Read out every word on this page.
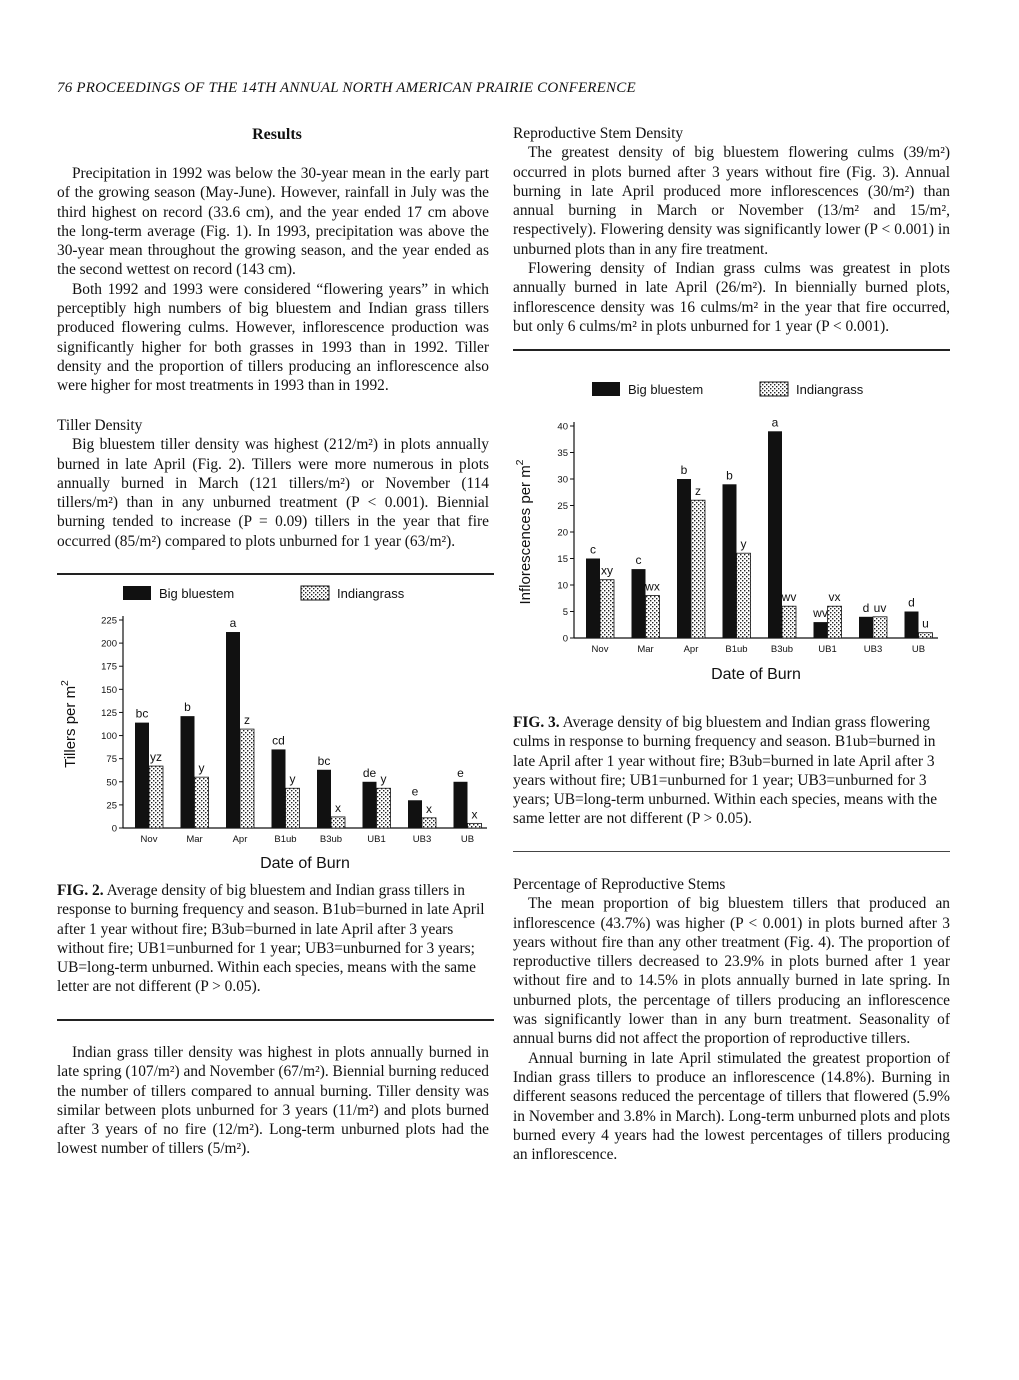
76 PROCEEDINGS OF THE 14TH ANNUAL NORTH AMERICAN PRAIRIE CONFERENCE
Results

Precipitation in 1992 was below the 30-year mean in the early part of the growing season (May-June). However, rainfall in July was the third highest on record (33.6 cm), and the year ended 17 cm above the long-term average (Fig. 1). In 1993, precipitation was above the 30-year mean throughout the growing season, and the year ended as the second wettest on record (143 cm).

Both 1992 and 1993 were considered “flowering years” in which perceptibly high numbers of big bluestem and Indian grass tillers produced flowering culms. However, inflorescence production was significantly higher for both grasses in 1993 than in 1992. Tiller density and the proportion of tillers producing an inflorescence also were higher for most treatments in 1993 than in 1992.

Tiller Density

Big bluestem tiller density was highest (212/m²) in plots annually burned in late April (Fig. 2). Tillers were more numerous in plots annually burned in March (121 tillers/m²) or November (114 tillers/m²) than in any unburned treatment (P < 0.001). Biennial burning tended to increase (P = 0.09) tillers in the year that fire occurred (85/m²) compared to plots unburned for 1 year (63/m²).

Big bluestem	Indiangrass
0
25
50
75
100
125
150
175
200
225
Tillers per $m^2$
bc
yz
Nov
b
y
Mar
a
z
Apr
cd
y
B1ub
bc
x
B3ub
de y
UB1
e
x
UB3
e
x
UB
Date of Burn
FIG. 2. Average density of big bluestem and Indian grass tillers in response to burning frequency and season. B1ub=burned in late April after 1 year without fire; B3ub=burned in late April after 3 years without fire; UB1=unburned for 1 year; UB3=unburned for 3 years; UB=long-term unburned. Within each species, means with the same letter are not different (P > 0.05).

Indian grass tiller density was highest in plots annually burned in late spring (107/m²) and November (67/m²). Biennial burning reduced the number of tillers compared to annual burning. Tiller density was similar between plots unburned for 3 years (11/m²) and plots burned after 3 years of no fire (12/m²). Long-term unburned plots had the lowest number of tillers (5/m²).

Reproductive Stem Density

The greatest density of big bluestem flowering culms (39/m²) occurred in plots burned after 3 years without fire (Fig. 3). Annual burning in late April produced more inflorescences (30/m²) than annual burning in March or November (13/m² and 15/m², respectively). Flowering density was significantly lower (P < 0.001) in unburned plots than in any fire treatment.

Flowering density of Indian grass culms was greatest in plots annually burned in late April (26/m²). In biennially burned plots, inflorescence density was 16 culms/m² in the year that fire occurred, but only 6 culms/m² in plots unburned for 1 year (P < 0.001).

Big bluestem	Indiangrass
0
5
10
15
20
25
30
35
40
Inflorescences per $m^2$
c
xy
Nov
c
wx
Mar
b
z
Apr
b
y
B1ub
a
wv
B3ub
wv
vx
UB1
d uv
UB3
d
u
UB
Date of Burn
FIG. 3. Average density of big bluestem and Indian grass flowering culms in response to burning frequency and season. B1ub=burned in late April after 1 year without fire; B3ub=burned in late April after 3 years without fire; UB1=unburned for 1 year; UB3=unburned for 3 years; UB=long-term unburned. Within each species, means with the same letter are not different (P > 0.05).

Percentage of Reproductive Stems

The mean proportion of big bluestem tillers that produced an inflorescence (43.7%) was higher (P < 0.001) in plots burned after 3 years without fire than any other treatment (Fig. 4). The proportion of reproductive tillers decreased to 23.9% in plots burned after 1 year without fire and to 14.5% in plots annually burned in late spring. In unburned plots, the percentage of tillers producing an inflorescence was significantly lower than in any burn treatment. Seasonality of annual burns did not affect the proportion of reproductive tillers.

Annual burning in late April stimulated the greatest proportion of Indian grass tillers to produce an inflorescence (14.8%). Burning in different seasons reduced the percentage of tillers that flowered (5.9% in November and 3.8% in March). Long-term unburned plots and plots burned every 4 years had the lowest percentages of tillers producing an inflorescence.
